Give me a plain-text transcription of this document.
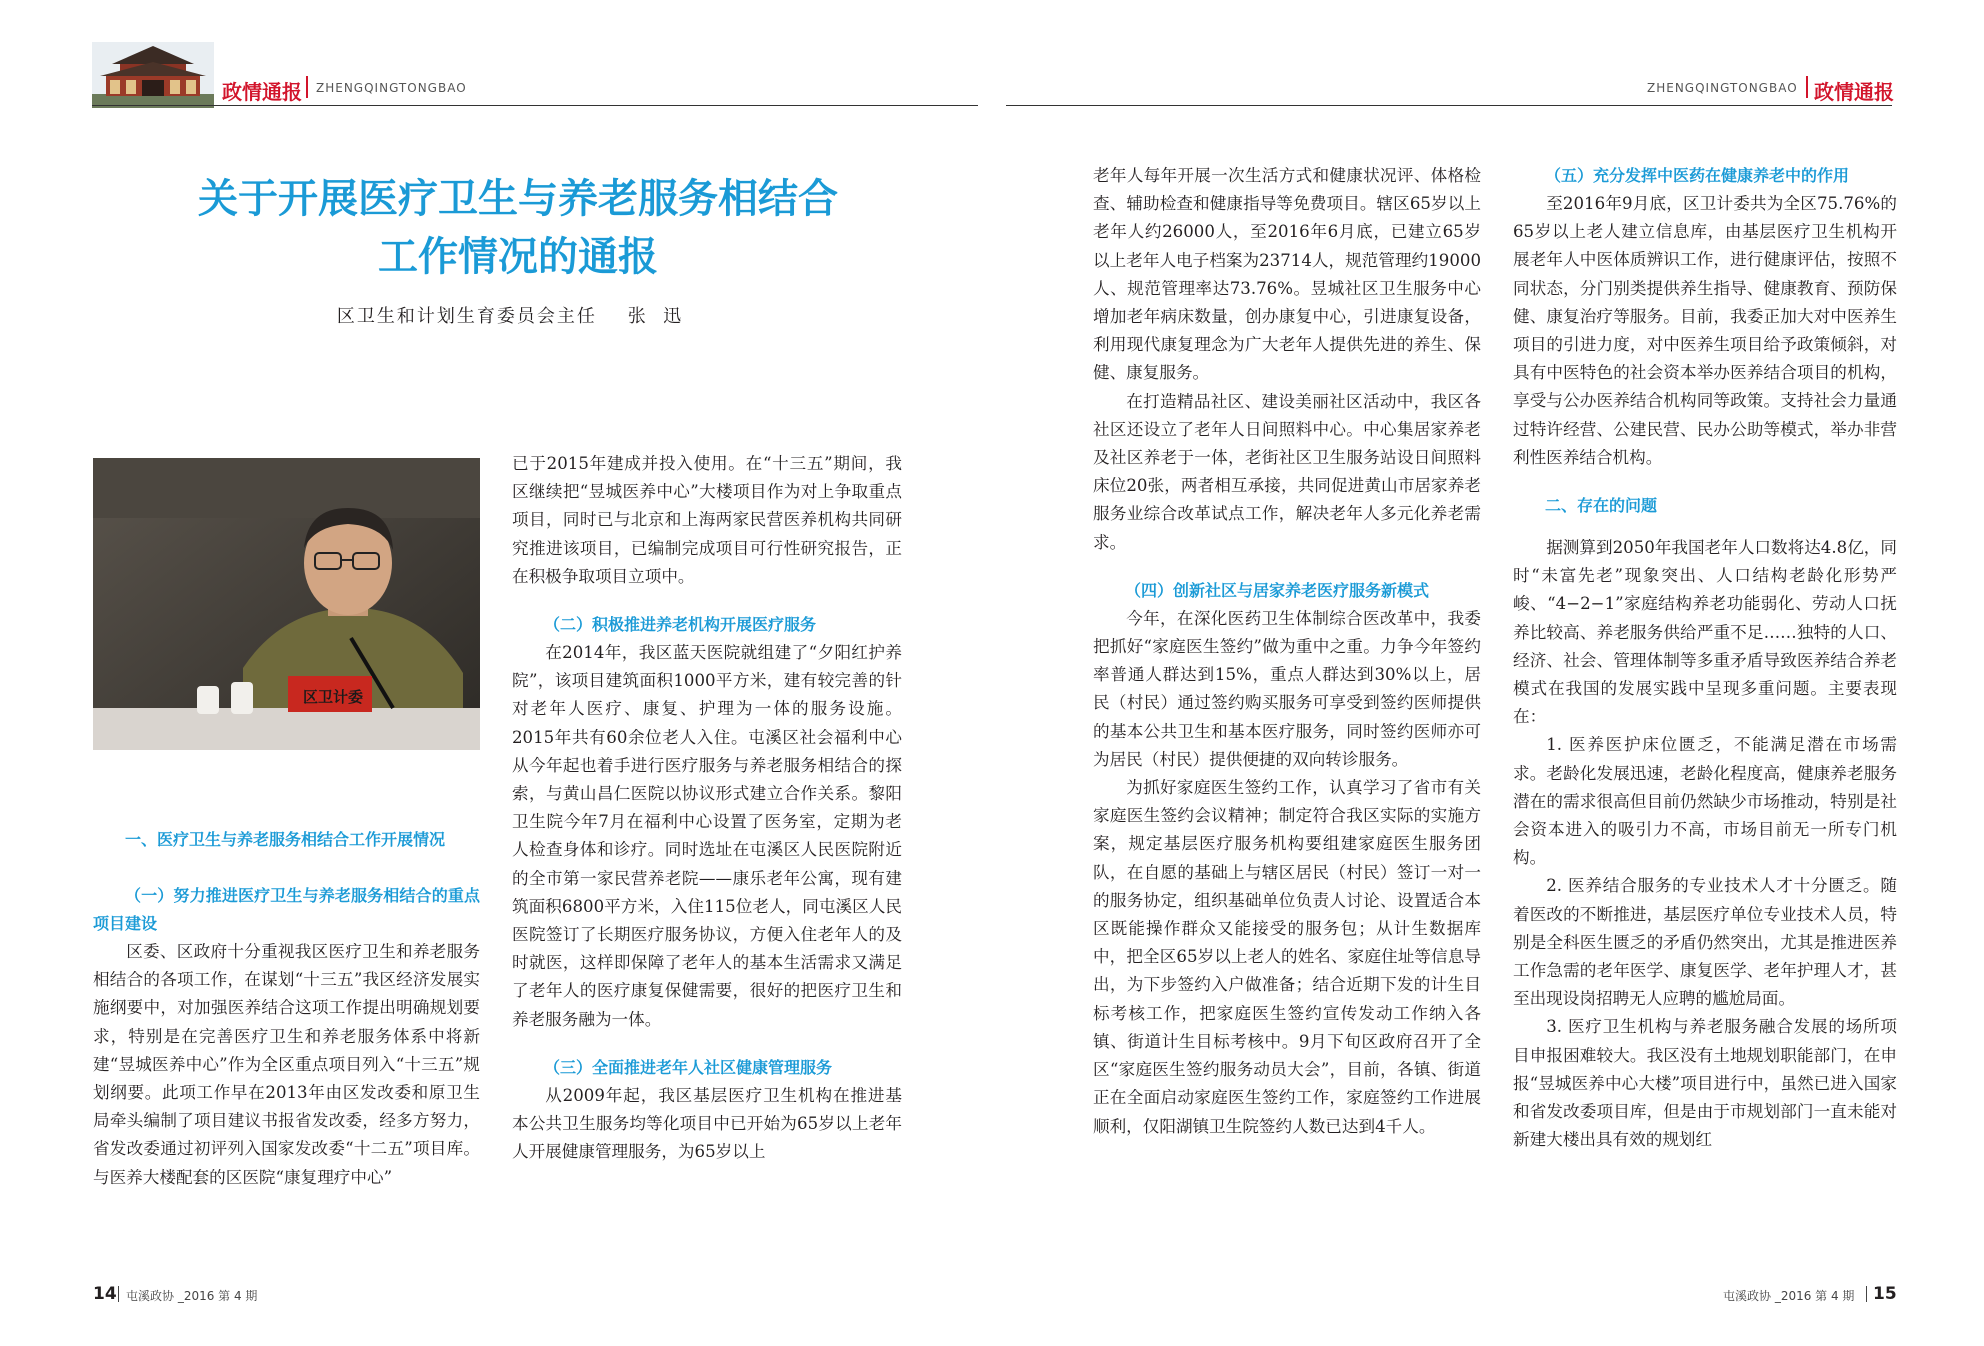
政情通报 ZHENGQINGTONGBAO	ZHENGQINGTONGBAO 政情通报
关于开展医疗卫生与养老服务相结合
工作情况的通报
区卫生和计划生育委员会主任    张  迅
区卫计委
一、医疗卫生与养老服务相结合工作开展情况
（一）努力推进医疗卫生与养老服务相结合的重点项目建设

区委、区政府十分重视我区医疗卫生和养老服务相结合的各项工作，在谋划“十三五”我区经济发展实施纲要中，对加强医养结合这项工作提出明确规划要求，特别是在完善医疗卫生和养老服务体系中将新建“昱城医养中心”作为全区重点项目列入“十三五”规划纲要。此项工作早在2013年由区发改委和原卫生局牵头编制了项目建议书报省发改委，经多方努力，省发改委通过初评列入国家发改委“十二五”项目库。与医养大楼配套的区医院“康复理疗中心”

已于2015年建成并投入使用。在“十三五”期间，我区继续把“昱城医养中心”大楼项目作为对上争取重点项目，同时已与北京和上海两家民营医养机构共同研究推进该项目，已编制完成项目可行性研究报告，正在积极争取项目立项中。

（二）积极推进养老机构开展医疗服务

在2014年，我区蓝天医院就组建了“夕阳红护养院”，该项目建筑面积1000平方米，建有较完善的针对老年人医疗、康复、护理为一体的服务设施。2015年共有60余位老人入住。屯溪区社会福利中心从今年起也着手进行医疗服务与养老服务相结合的探索，与黄山昌仁医院以协议形式建立合作关系。黎阳卫生院今年7月在福利中心设置了医务室，定期为老人检查身体和诊疗。同时选址在屯溪区人民医院附近的全市第一家民营养老院——康乐老年公寓，现有建筑面积6800平方米，入住115位老人，同屯溪区人民医院签订了长期医疗服务协议，方便入住老年人的及时就医，这样即保障了老年人的基本生活需求又满足了老年人的医疗康复保健需要，很好的把医疗卫生和养老服务融为一体。

（三）全面推进老年人社区健康管理服务

从2009年起，我区基层医疗卫生机构在推进基本公共卫生服务均等化项目中已开始为65岁以上老年人开展健康管理服务，为65岁以上

老年人每年开展一次生活方式和健康状况评、体格检查、辅助检查和健康指导等免费项目。辖区65岁以上老年人约26000人，至2016年6月底，已建立65岁以上老年人电子档案为23714人，规范管理约19000人、规范管理率达73.76%。昱城社区卫生服务中心增加老年病床数量，创办康复中心，引进康复设备，利用现代康复理念为广大老年人提供先进的养生、保健、康复服务。

在打造精品社区、建设美丽社区活动中，我区各社区还设立了老年人日间照料中心。中心集居家养老及社区养老于一体，老街社区卫生服务站设日间照料床位20张，两者相互承接，共同促进黄山市居家养老服务业综合改革试点工作，解决老年人多元化养老需求。

（四）创新社区与居家养老医疗服务新模式

今年，在深化医药卫生体制综合医改革中，我委把抓好“家庭医生签约”做为重中之重。力争今年签约率普通人群达到15%，重点人群达到30%以上，居民（村民）通过签约购买服务可享受到签约医师提供的基本公共卫生和基本医疗服务，同时签约医师亦可为居民（村民）提供便捷的双向转诊服务。

为抓好家庭医生签约工作，认真学习了省市有关家庭医生签约会议精神；制定符合我区实际的实施方案，规定基层医疗服务机构要组建家庭医生服务团队，在自愿的基础上与辖区居民（村民）签订一对一的服务协定，组织基础单位负责人讨论、设置适合本区既能操作群众又能接受的服务包；从计生数据库中，把全区65岁以上老人的姓名、家庭住址等信息导出，为下步签约入户做准备；结合近期下发的计生目标考核工作，把家庭医生签约宣传发动工作纳入各镇、街道计生目标考核中。9月下旬区政府召开了全区“家庭医生签约服务动员大会”，目前，各镇、街道正在全面启动家庭医生签约工作，家庭签约工作进展顺利，仅阳湖镇卫生院签约人数已达到4千人。

（五）充分发挥中医药在健康养老中的作用

至2016年9月底，区卫计委共为全区75.76%的65岁以上老人建立信息库，由基层医疗卫生机构开展老年人中医体质辨识工作，进行健康评估，按照不同状态，分门别类提供养生指导、健康教育、预防保健、康复治疗等服务。目前，我委正加大对中医养生项目的引进力度，对中医养生项目给予政策倾斜，对具有中医特色的社会资本举办医养结合项目的机构，享受与公办医养结合机构同等政策。支持社会力量通过特许经营、公建民营、民办公助等模式，举办非营利性医养结合机构。

二、存在的问题

据测算到2050年我国老年人口数将达4.8亿，同时“未富先老”现象突出、人口结构老龄化形势严峻、“4−2−1”家庭结构养老功能弱化、劳动人口抚养比较高、养老服务供给严重不足……独特的人口、经济、社会、管理体制等多重矛盾导致医养结合养老模式在我国的发展实践中呈现多重问题。主要表现在：

1. 医养医护床位匮乏，不能满足潜在市场需求。老龄化发展迅速，老龄化程度高，健康养老服务潜在的需求很高但目前仍然缺少市场推动，特别是社会资本进入的吸引力不高，市场目前无一所专门机构。

2. 医养结合服务的专业技术人才十分匮乏。随着医改的不断推进，基层医疗单位专业技术人员，特别是全科医生匮乏的矛盾仍然突出，尤其是推进医养工作急需的老年医学、康复医学、老年护理人才，甚至出现设岗招聘无人应聘的尴尬局面。

3. 医疗卫生机构与养老服务融合发展的场所项目申报困难较大。我区没有土地规划职能部门，在申报“昱城医养中心大楼”项目进行中，虽然已进入国家和省发改委项目库，但是由于市规划部门一直未能对新建大楼出具有效的规划红

14 屯溪政协 _2016 第 4 期	屯溪政协 _2016 第 4 期 15
